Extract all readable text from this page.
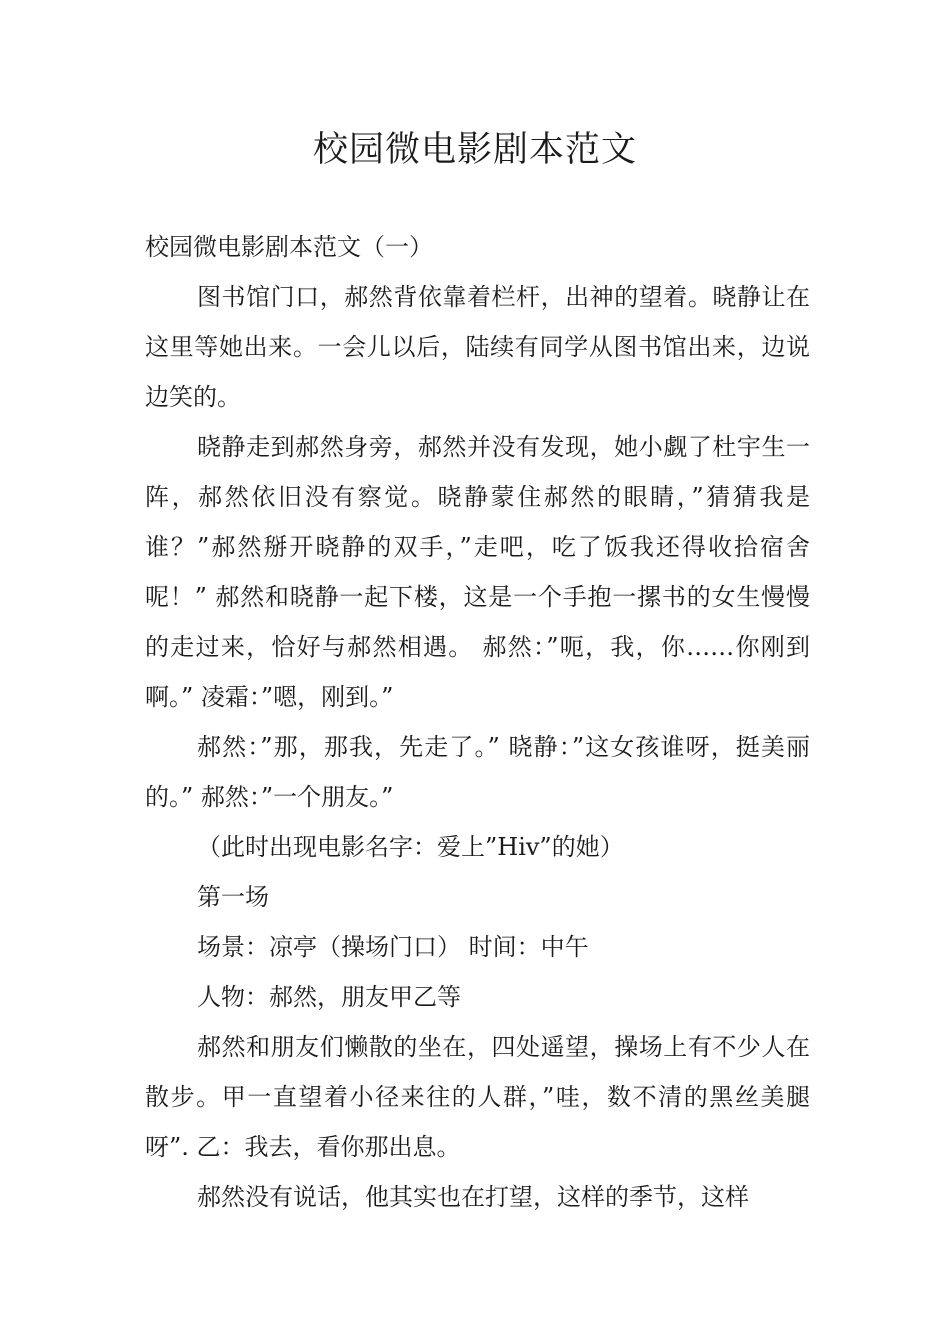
校园微电影剧本范文

校园微电影剧本范文（一）

图书馆门口，郝然背依靠着栏杆，出神的望着。晓静让在这里等她出来。一会儿以后，陆续有同学从图书馆出来，边说边笑的。

晓静走到郝然身旁，郝然并没有发现，她小觑了杜宇生一阵，郝然依旧没有察觉。晓静蒙住郝然的眼睛，”猜猜我是谁？”郝然掰开晓静的双手，”走吧，吃了饭我还得收拾宿舍呢！” 郝然和晓静一起下楼，这是一个手抱一摞书的女生慢慢的走过来，恰好与郝然相遇。 郝然：”呃，我，你……你刚到啊。” 凌霜：”嗯，刚到。”

郝然：”那，那我，先走了。” 晓静：”这女孩谁呀，挺美丽的。” 郝然：”一个朋友。”

（此时出现电影名字：爱上”Hiv”的她）

第一场

场景：凉亭（操场门口） 时间：中午

人物：郝然，朋友甲乙等

郝然和朋友们懒散的坐在，四处遥望，操场上有不少人在散步。甲一直望着小径来往的人群，”哇，数不清的黑丝美腿呀”. 乙：我去，看你那出息。

郝然没有说话，他其实也在打望，这样的季节，这样
